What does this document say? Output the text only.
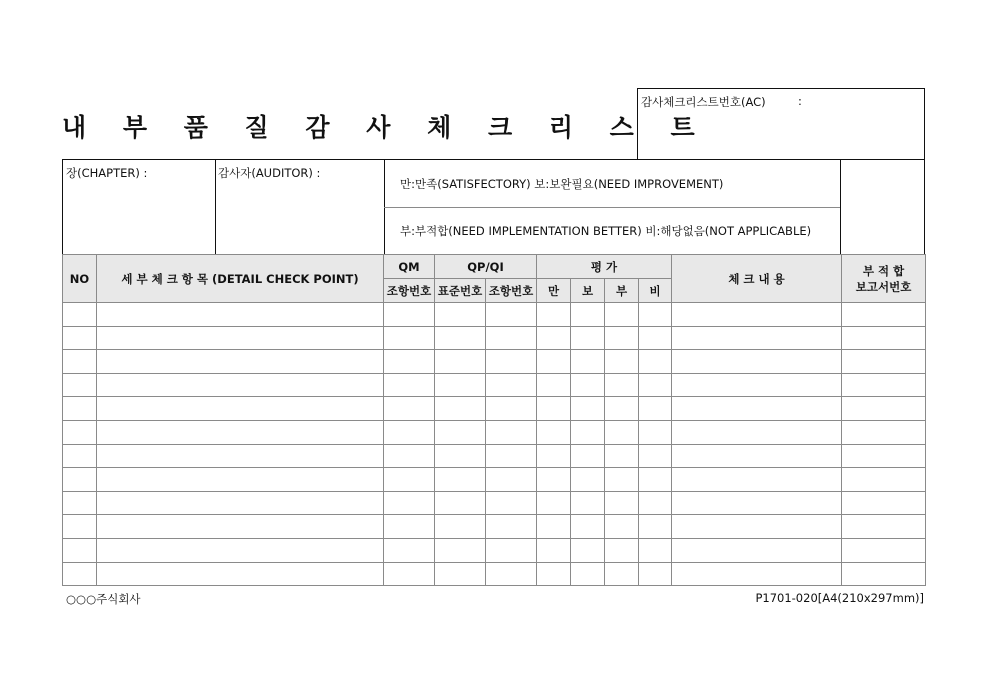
내 부 품 질 감 사 체 크 리 스 트
감사체크리스트번호(AC)	:
장(CHAPTER) :	감사자(AUDITOR) :
만:만족(SATISFECTORY) 보:보완필요(NEED IMPROVEMENT)
부:부적합(NEED IMPLEMENTATION BETTER) 비:해당없음(NOT APPLICABLE)
NO	세 부 체 크 항 목 (DETAIL CHECK POINT)	QM	QP/QI		평 가				체 크 내 용	부 적 합
보고서번호

		조항번호	표준번호	조항번호	만	보	부	비		

○○○주식회사	P1701-020[A4(210x297mm)]
